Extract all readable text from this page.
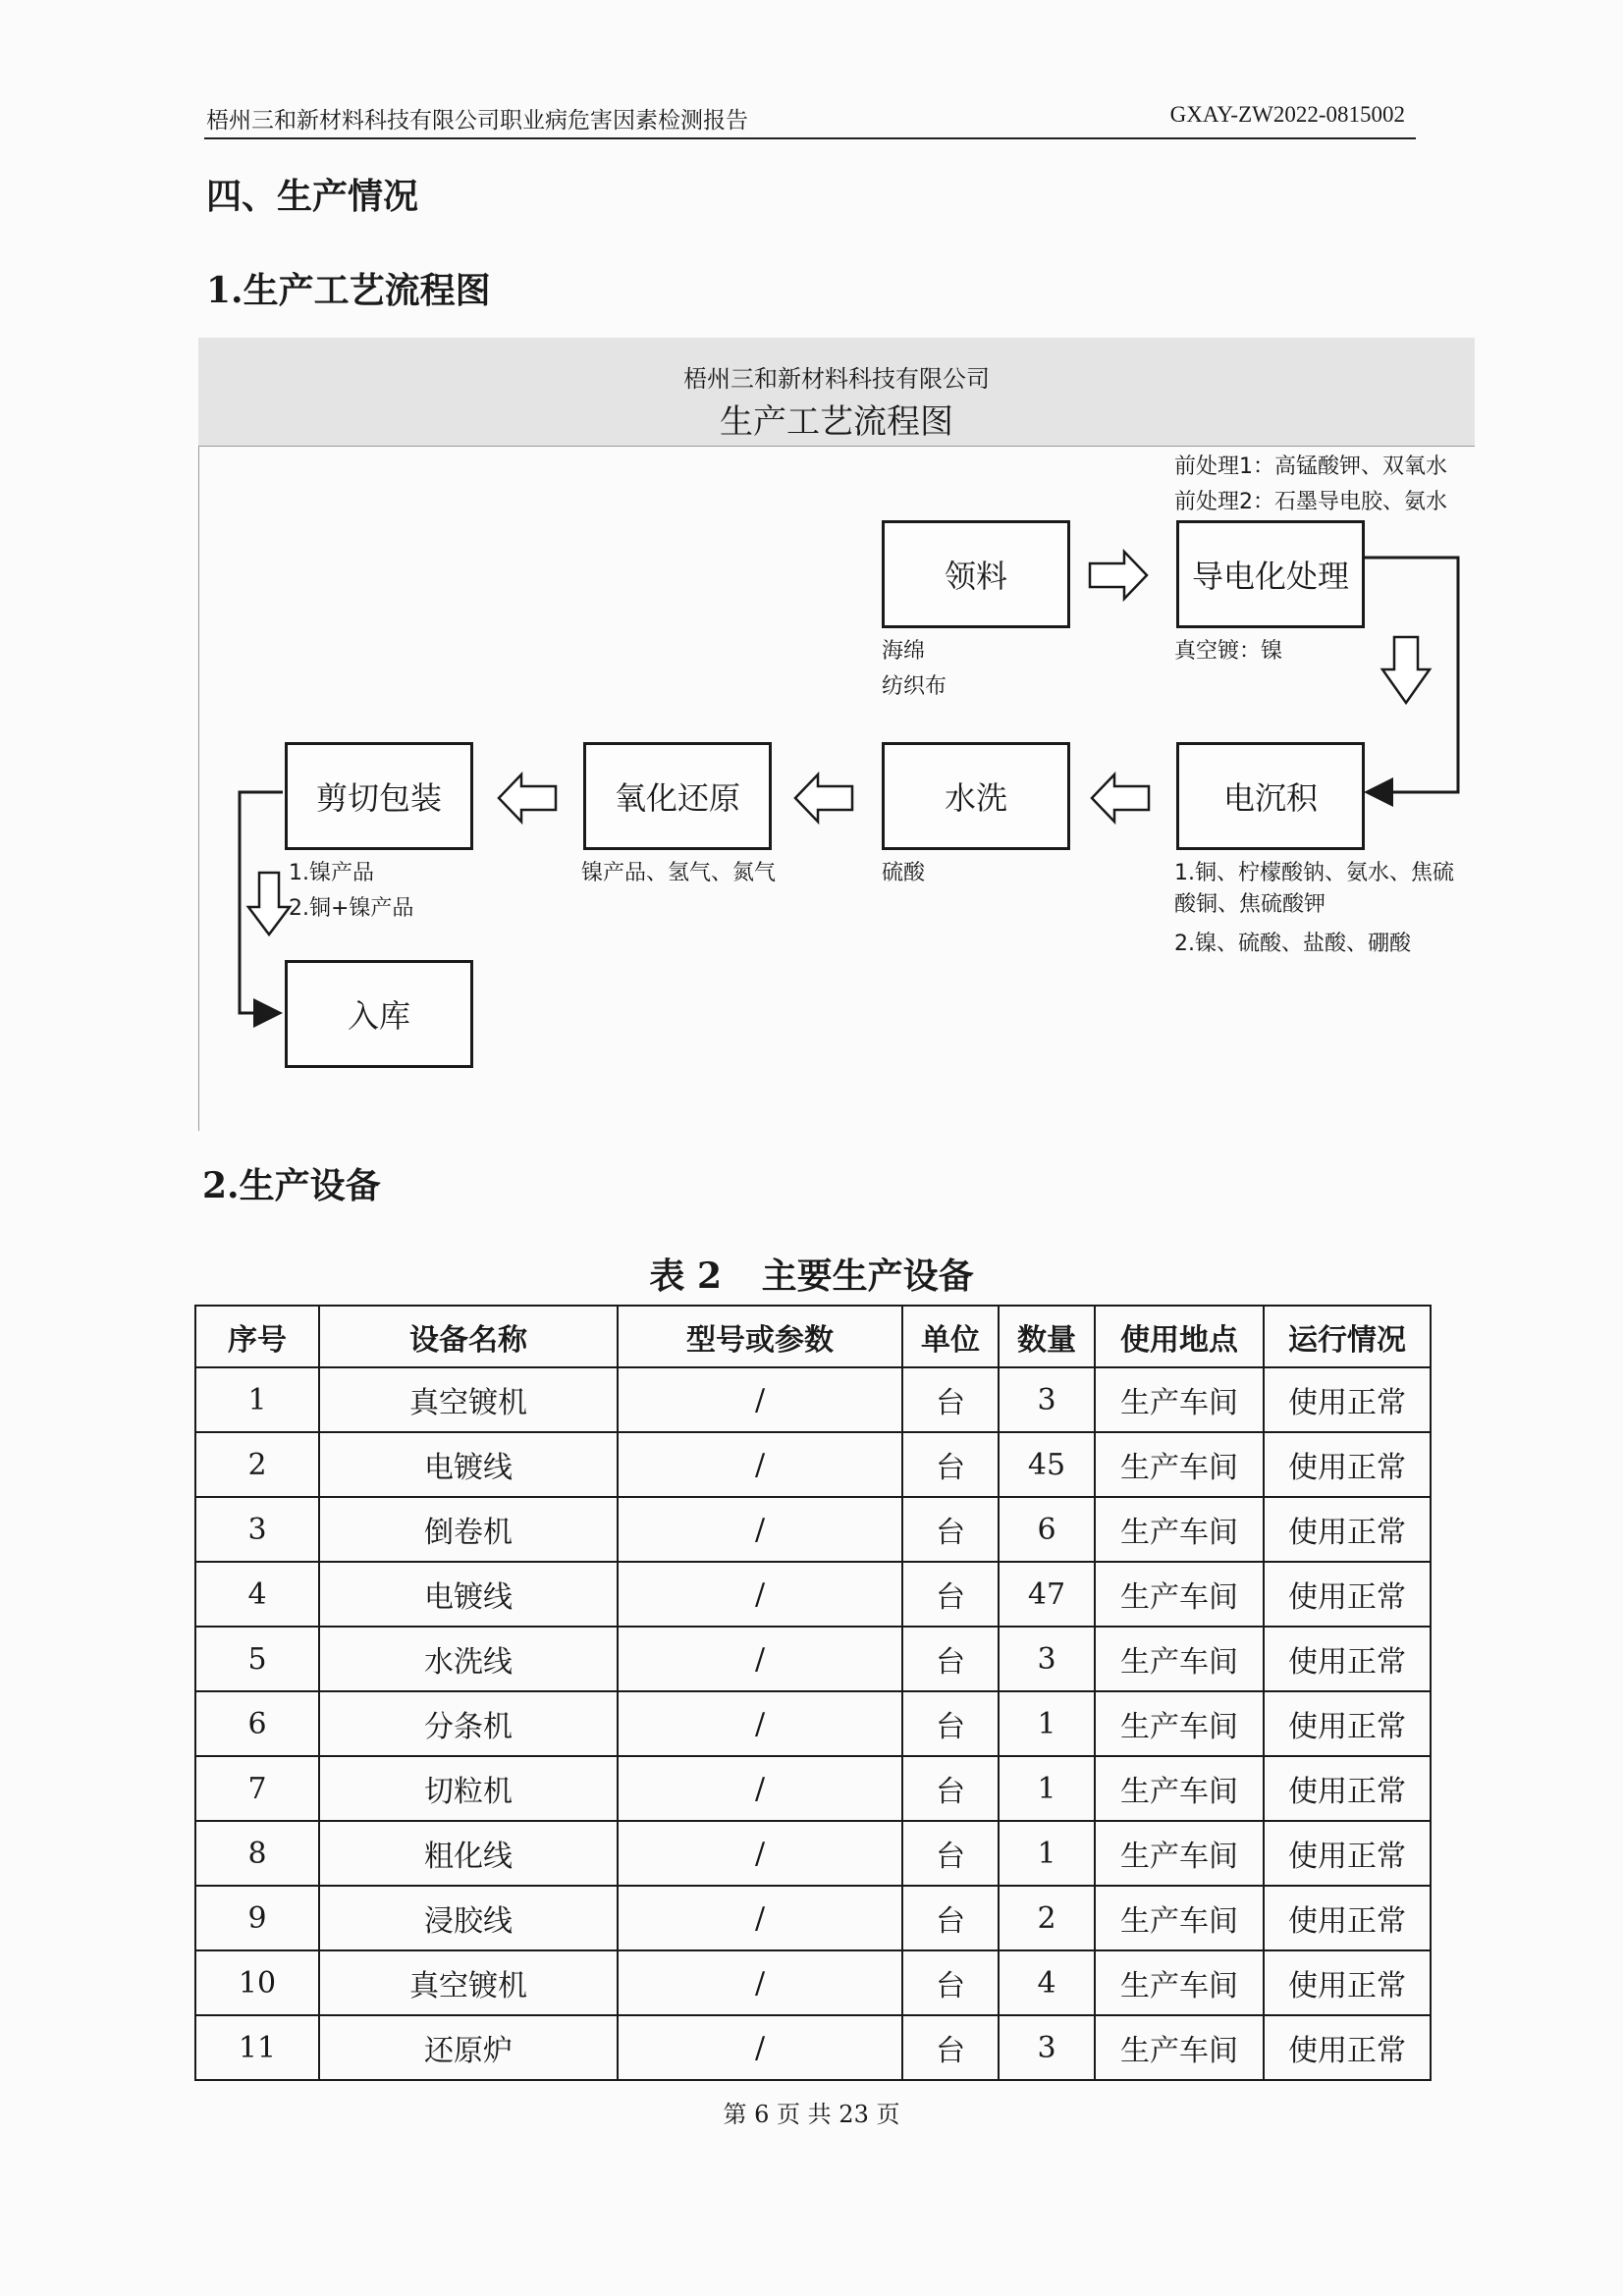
梧州三和新材料科技有限公司职业病危害因素检测报告	GXAY-ZW2022-0815002
四、生产情况
1.生产工艺流程图
梧州三和新材料科技有限公司
生产工艺流程图
领料	导电化处理
电沉积
水洗
氧化还原
剪切包装
入库
前处理1：高锰酸钾、双氧水
前处理2：石墨导电胶、氨水
海绵
纺织布
真空镀：镍
1.铜、柠檬酸钠、氨水、焦硫
酸铜、焦硫酸钾
2.镍、硫酸、盐酸、硼酸
硫酸
镍产品、氢气、氮气
1.镍产品
2.铜+镍产品
2.生产设备
表 2 主要生产设备
序号	设备名称	型号或参数	单位	数量	使用地点	运行情况
1	真空镀机	/	台	3	生产车间	使用正常
2	电镀线	/	台	45	生产车间	使用正常
3	倒卷机	/	台	6	生产车间	使用正常
4	电镀线	/	台	47	生产车间	使用正常
5	水洗线	/	台	3	生产车间	使用正常
6	分条机	/	台	1	生产车间	使用正常
7	切粒机	/	台	1	生产车间	使用正常
8	粗化线	/	台	1	生产车间	使用正常
9	浸胶线	/	台	2	生产车间	使用正常
10	真空镀机	/	台	4	生产车间	使用正常
11	还原炉	/	台	3	生产车间	使用正常
第 6 页 共 23 页
